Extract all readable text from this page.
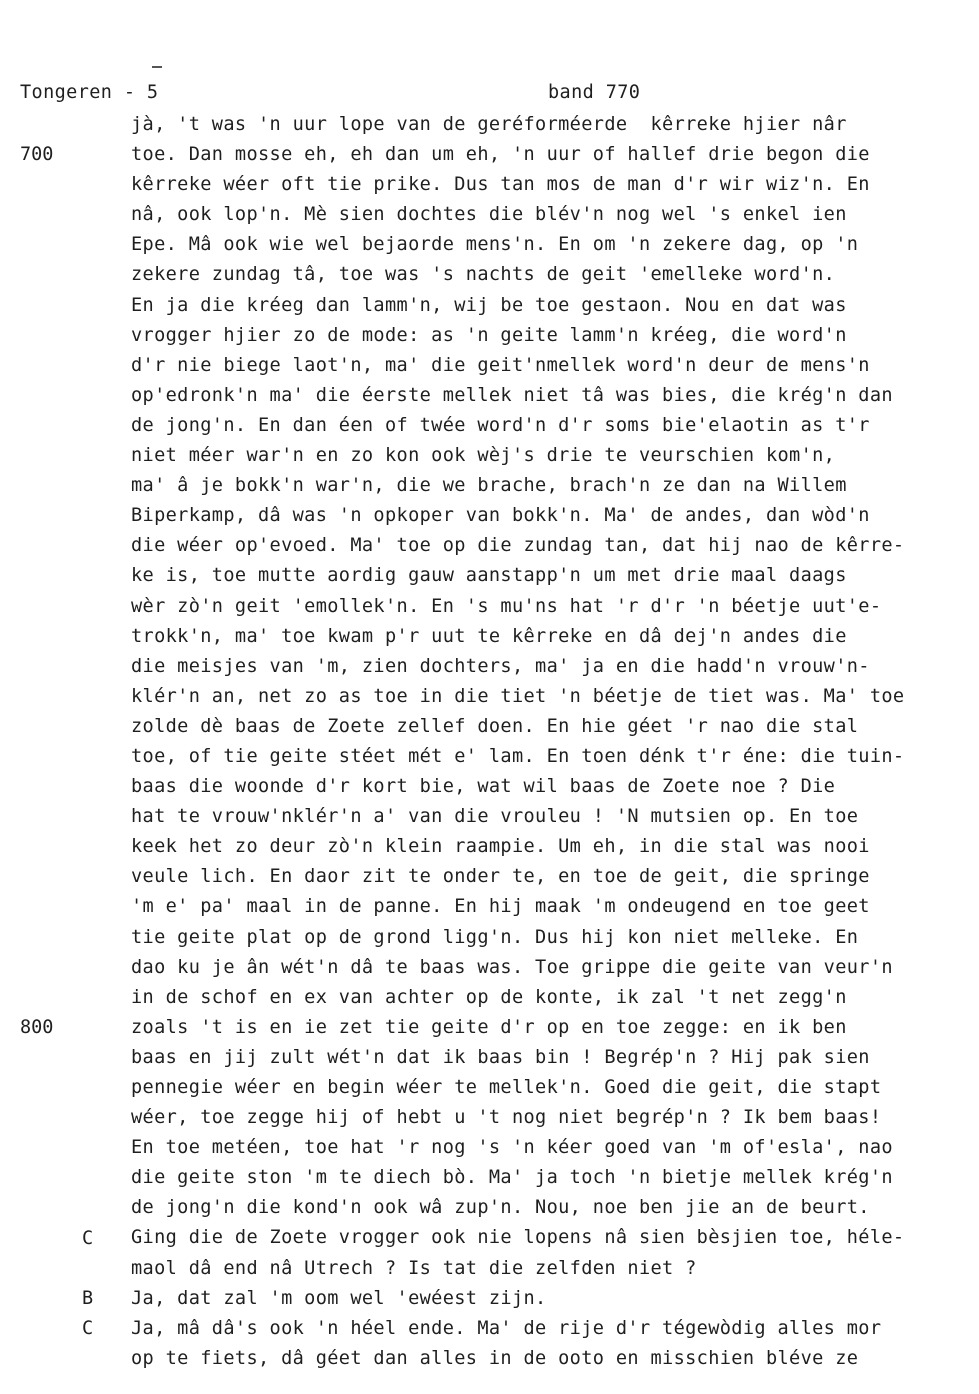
Tongeren - 5	band 770
jà, 't was 'n uur lope van de geréforméerde  kêrreke hjier nâr
toe. Dan mosse eh, eh dan um eh, 'n uur of hallef drie begon die
kêrreke wéer oft tie prike. Dus tan mos de man d'r wir wiz'n. En
nâ, ook lop'n. Mè sien dochtes die blév'n nog wel 's enkel ien
Epe. Mâ ook wie wel bejaorde mens'n. En om 'n zekere dag, op 'n
zekere zundag tâ, toe was 's nachts de geit 'emelleke word'n.
En ja die kréeg dan lamm'n, wij be toe gestaon. Nou en dat was
vrogger hjier zo de mode: as 'n geite lamm'n kréeg, die word'n
d'r nie biege laot'n, ma' die geit'nmellek word'n deur de mens'n
op'edronk'n ma' die éerste mellek niet tâ was bies, die krég'n dan
de jong'n. En dan éen of twée word'n d'r soms bie'elaotin as t'r
niet méer war'n en zo kon ook wèj's drie te veurschien kom'n,
ma' â je bokk'n war'n, die we brache, brach'n ze dan na Willem
Biperkamp, dâ was 'n opkoper van bokk'n. Ma' de andes, dan wòd'n
die wéer op'evoed. Ma' toe op die zundag tan, dat hij nao de kêrre-
ke is, toe mutte aordig gauw aanstapp'n um met drie maal daags
wèr zò'n geit 'emollek'n. En 's mu'ns hat 'r d'r 'n béetje uut'e-
trokk'n, ma' toe kwam p'r uut te kêrreke en dâ dej'n andes die
die meisjes van 'm, zien dochters, ma' ja en die hadd'n vrouw'n-
klér'n an, net zo as toe in die tiet 'n béetje de tiet was. Ma' toe
zolde dè baas de Zoete zellef doen. En hie géet 'r nao die stal
toe, of tie geite stéet mét e' lam. En toen dénk t'r éne: die tuin-
baas die woonde d'r kort bie, wat wil baas de Zoete noe ? Die
hat te vrouw'nklér'n a' van die vrouleu ! 'N mutsien op. En toe
keek het zo deur zò'n klein raampie. Um eh, in die stal was nooi
veule lich. En daor zit te onder te, en toe de geit, die springe
'm e' pa' maal in de panne. En hij maak 'm ondeugend en toe geet
tie geite plat op de grond ligg'n. Dus hij kon niet melleke. En
dao ku je ân wét'n dâ te baas was. Toe grippe die geite van veur'n
in de schof en ex van achter op de konte, ik zal 't net zegg'n
zoals 't is en ie zet tie geite d'r op en toe zegge: en ik ben
baas en jij zult wét'n dat ik baas bin ! Begrép'n ? Hij pak sien
pennegie wéer en begin wéer te mellek'n. Goed die geit, die stapt
wéer, toe zegge hij of hebt u 't nog niet begrép'n ? Ik bem baas!
En toe metéen, toe hat 'r nog 's 'n kéer goed van 'm of'esla', nao
die geite ston 'm te diech bò. Ma' ja toch 'n bietje mellek krég'n
de jong'n die kond'n ook wâ zup'n. Nou, noe ben jie an de beurt.
Ging die de Zoete vrogger ook nie lopens nâ sien bèsjien toe, héle-
maol dâ end nâ Utrech ? Is tat die zelfden niet ?
Ja, dat zal 'm oom wel 'ewéest zijn.
Ja, mâ dâ's ook 'n héel ende. Ma' de rije d'r tégewòdig alles mor
op te fiets, dâ géet dan alles in de ooto en misschien bléve ze
700
800
C
B
C
